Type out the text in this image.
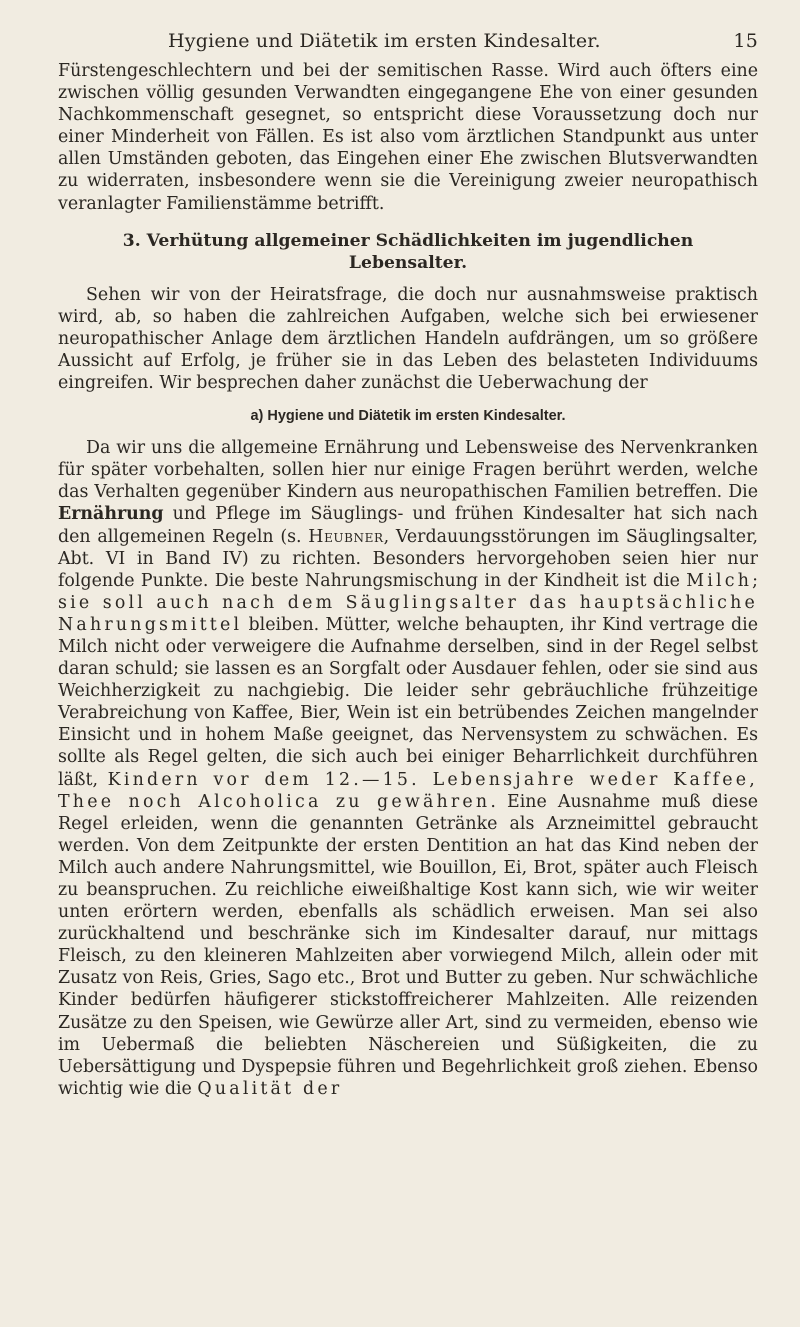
Hygiene und Diätetik im ersten Kindesalter.	15

Fürstengeschlechtern und bei der semitischen Rasse. Wird auch öfters eine zwischen völlig gesunden Verwandten eingegangene Ehe von einer gesunden Nachkommenschaft gesegnet, so entspricht diese Voraussetzung doch nur einer Minderheit von Fällen. Es ist also vom ärztlichen Standpunkt aus unter allen Umständen geboten, das Eingehen einer Ehe zwischen Blutsverwandten zu widerraten, insbesondere wenn sie die Vereinigung zweier neuropathisch veranlagter Familienstämme betrifft.

3. Verhütung allgemeiner Schädlichkeiten im jugendlichen
Lebensalter.

Sehen wir von der Heiratsfrage, die doch nur ausnahmsweise praktisch wird, ab, so haben die zahlreichen Aufgaben, welche sich bei erwiesener neuropathischer Anlage dem ärztlichen Handeln aufdrängen, um so größere Aussicht auf Erfolg, je früher sie in das Leben des belasteten Individuums eingreifen. Wir besprechen daher zunächst die Ueberwachung der

a) Hygiene und Diätetik im ersten Kindesalter.

Da wir uns die allgemeine Ernährung und Lebensweise des Nervenkranken für später vorbehalten, sollen hier nur einige Fragen berührt werden, welche das Verhalten gegenüber Kindern aus neuropathischen Familien betreffen. Die Ernährung und Pflege im Säuglings- und frühen Kindesalter hat sich nach den allgemeinen Regeln (s. Heubner, Verdauungsstörungen im Säuglingsalter, Abt. VI in Band IV) zu richten. Besonders hervorgehoben seien hier nur folgende Punkte. Die beste Nahrungsmischung in der Kindheit ist die Milch; sie soll auch nach dem Säuglingsalter das hauptsächliche Nahrungsmittel bleiben. Mütter, welche behaupten, ihr Kind vertrage die Milch nicht oder verweigere die Aufnahme derselben, sind in der Regel selbst daran schuld; sie lassen es an Sorgfalt oder Ausdauer fehlen, oder sie sind aus Weichherzigkeit zu nachgiebig. Die leider sehr gebräuchliche frühzeitige Verabreichung von Kaffee, Bier, Wein ist ein betrübendes Zeichen mangelnder Einsicht und in hohem Maße geeignet, das Nervensystem zu schwächen. Es sollte als Regel gelten, die sich auch bei einiger Beharrlichkeit durchführen läßt, Kindern vor dem 12.—15. Lebensjahre weder Kaffee, Thee noch Alcoholica zu gewähren. Eine Ausnahme muß diese Regel erleiden, wenn die genannten Getränke als Arzneimittel gebraucht werden. Von dem Zeitpunkte der ersten Dentition an hat das Kind neben der Milch auch andere Nahrungsmittel, wie Bouillon, Ei, Brot, später auch Fleisch zu beanspruchen. Zu reichliche eiweißhaltige Kost kann sich, wie wir weiter unten erörtern werden, ebenfalls als schädlich erweisen. Man sei also zurückhaltend und beschränke sich im Kindesalter darauf, nur mittags Fleisch, zu den kleineren Mahlzeiten aber vorwiegend Milch, allein oder mit Zusatz von Reis, Gries, Sago etc., Brot und Butter zu geben. Nur schwächliche Kinder bedürfen häufigerer stickstoffreicherer Mahlzeiten. Alle reizenden Zusätze zu den Speisen, wie Gewürze aller Art, sind zu vermeiden, ebenso wie im Uebermaß die beliebten Näschereien und Süßigkeiten, die zu Uebersättigung und Dyspepsie führen und Begehrlichkeit groß ziehen. Ebenso wichtig wie die Qualität der
